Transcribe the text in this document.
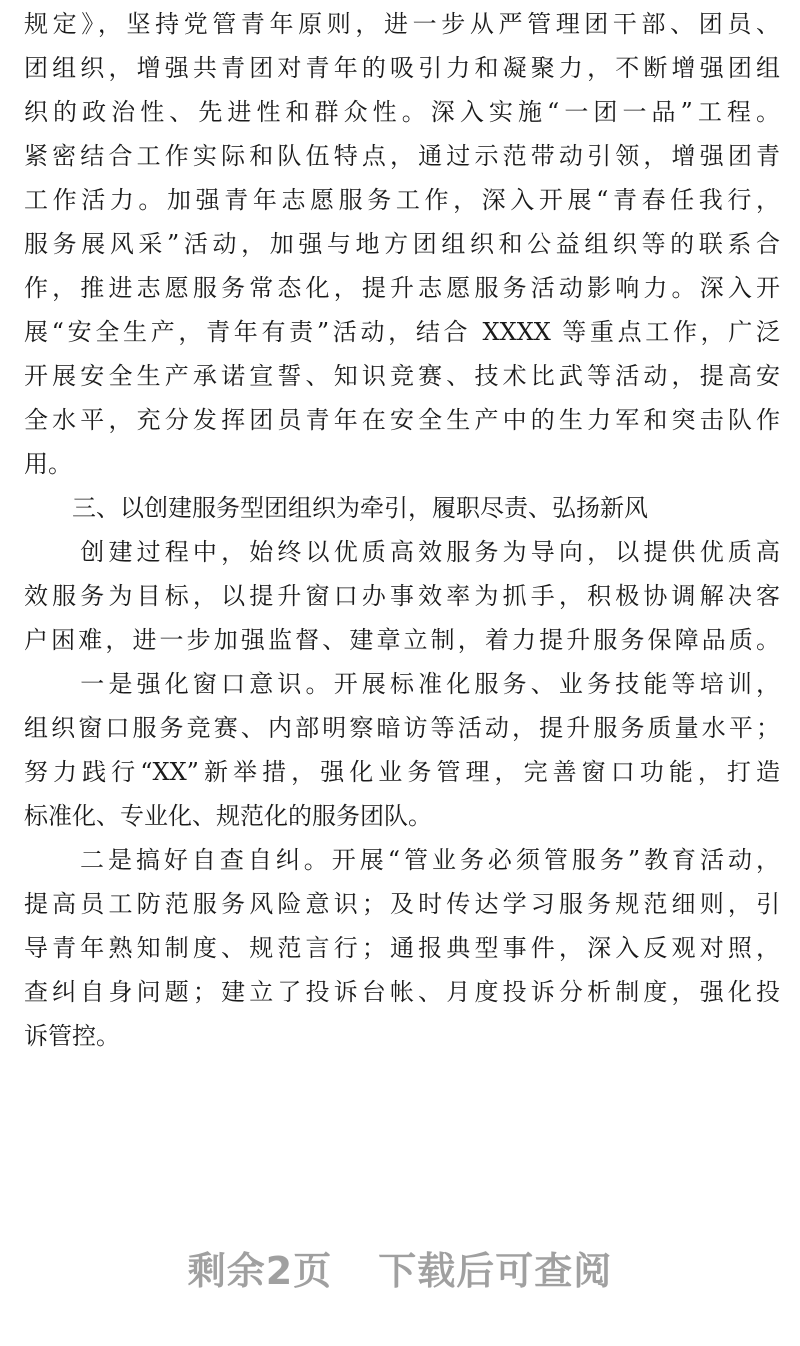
规定》，坚持党管青年原则，进一步从严管理团干部、团员、
团组织，增强共青团对青年的吸引力和凝聚力，不断增强团组
织的政治性、先进性和群众性。深入实施“一团一品”工程。
紧密结合工作实际和队伍特点，通过示范带动引领，增强团青
工作活力。加强青年志愿服务工作，深入开展“青春任我行，
服务展风采”活动，加强与地方团组织和公益组织等的联系合
作，推进志愿服务常态化，提升志愿服务活动影响力。深入开
展“安全生产，青年有责”活动，结合 XXXX 等重点工作，广泛
开展安全生产承诺宣誓、知识竞赛、技术比武等活动，提高安
全水平，充分发挥团员青年在安全生产中的生力军和突击队作
用。
　　三、以创建服务型团组织为牵引，履职尽责、弘扬新风
　　创建过程中，始终以优质高效服务为导向，以提供优质高
效服务为目标，以提升窗口办事效率为抓手，积极协调解决客
户困难，进一步加强监督、建章立制，着力提升服务保障品质。
　　一是强化窗口意识。开展标准化服务、业务技能等培训，
组织窗口服务竞赛、内部明察暗访等活动，提升服务质量水平；
努力践行“XX”新举措，强化业务管理，完善窗口功能，打造
标准化、专业化、规范化的服务团队。
　　二是搞好自查自纠。开展“管业务必须管服务”教育活动，
提高员工防范服务风险意识；及时传达学习服务规范细则，引
导青年熟知制度、规范言行；通报典型事件，深入反观对照，
查纠自身问题；建立了投诉台帐、月度投诉分析制度，强化投
诉管控。
剩余2页 下载后可查阅
